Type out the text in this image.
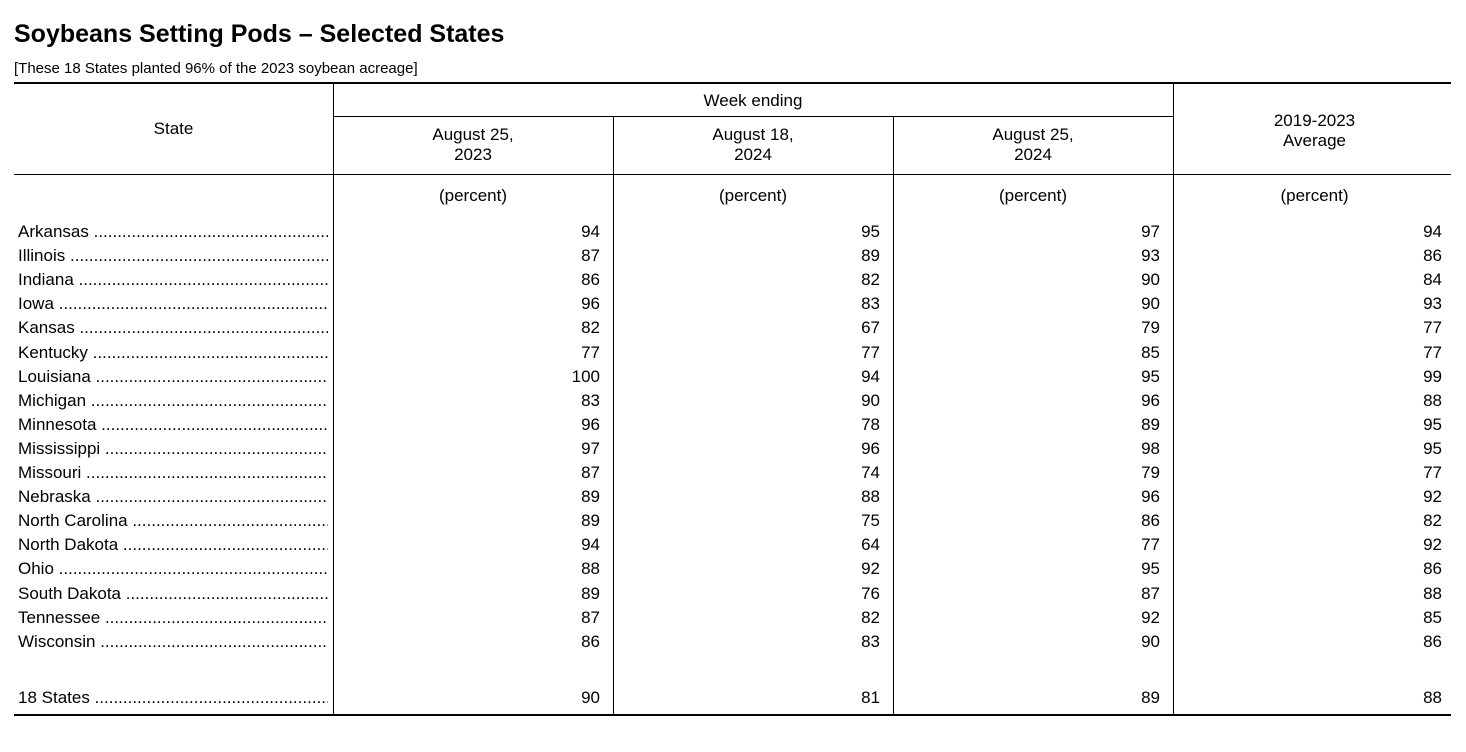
Soybeans Setting Pods – Selected States
[These 18 States planted 96% of the 2023 soybean acreage]
State
Week ending
August 25,
2023
August 18,
2024
August 25,
2024
2019-2023
Average
(percent)	(percent)	(percent)	(percent)
Arkansas .....	94	95	97	94
Illinois .....	87	89	93	86
Indiana .....	86	82	90	84
Iowa .....	96	83	90	93
Kansas .....	82	67	79	77
Kentucky .....	77	77	85	77
Louisiana .....	100	94	95	99
Michigan .....	83	90	96	88
Minnesota .....	96	78	89	95
Mississippi .....	97	96	98	95
Missouri .....	87	74	79	77
Nebraska .....	89	88	96	92
North Carolina .....	89	75	86	82
North Dakota .....	94	64	77	92
Ohio .....	88	92	95	86
South Dakota .....	89	76	87	88
Tennessee .....	87	82	92	85
Wisconsin .....	86	83	90	86
18 States .....	90	81	89	88
